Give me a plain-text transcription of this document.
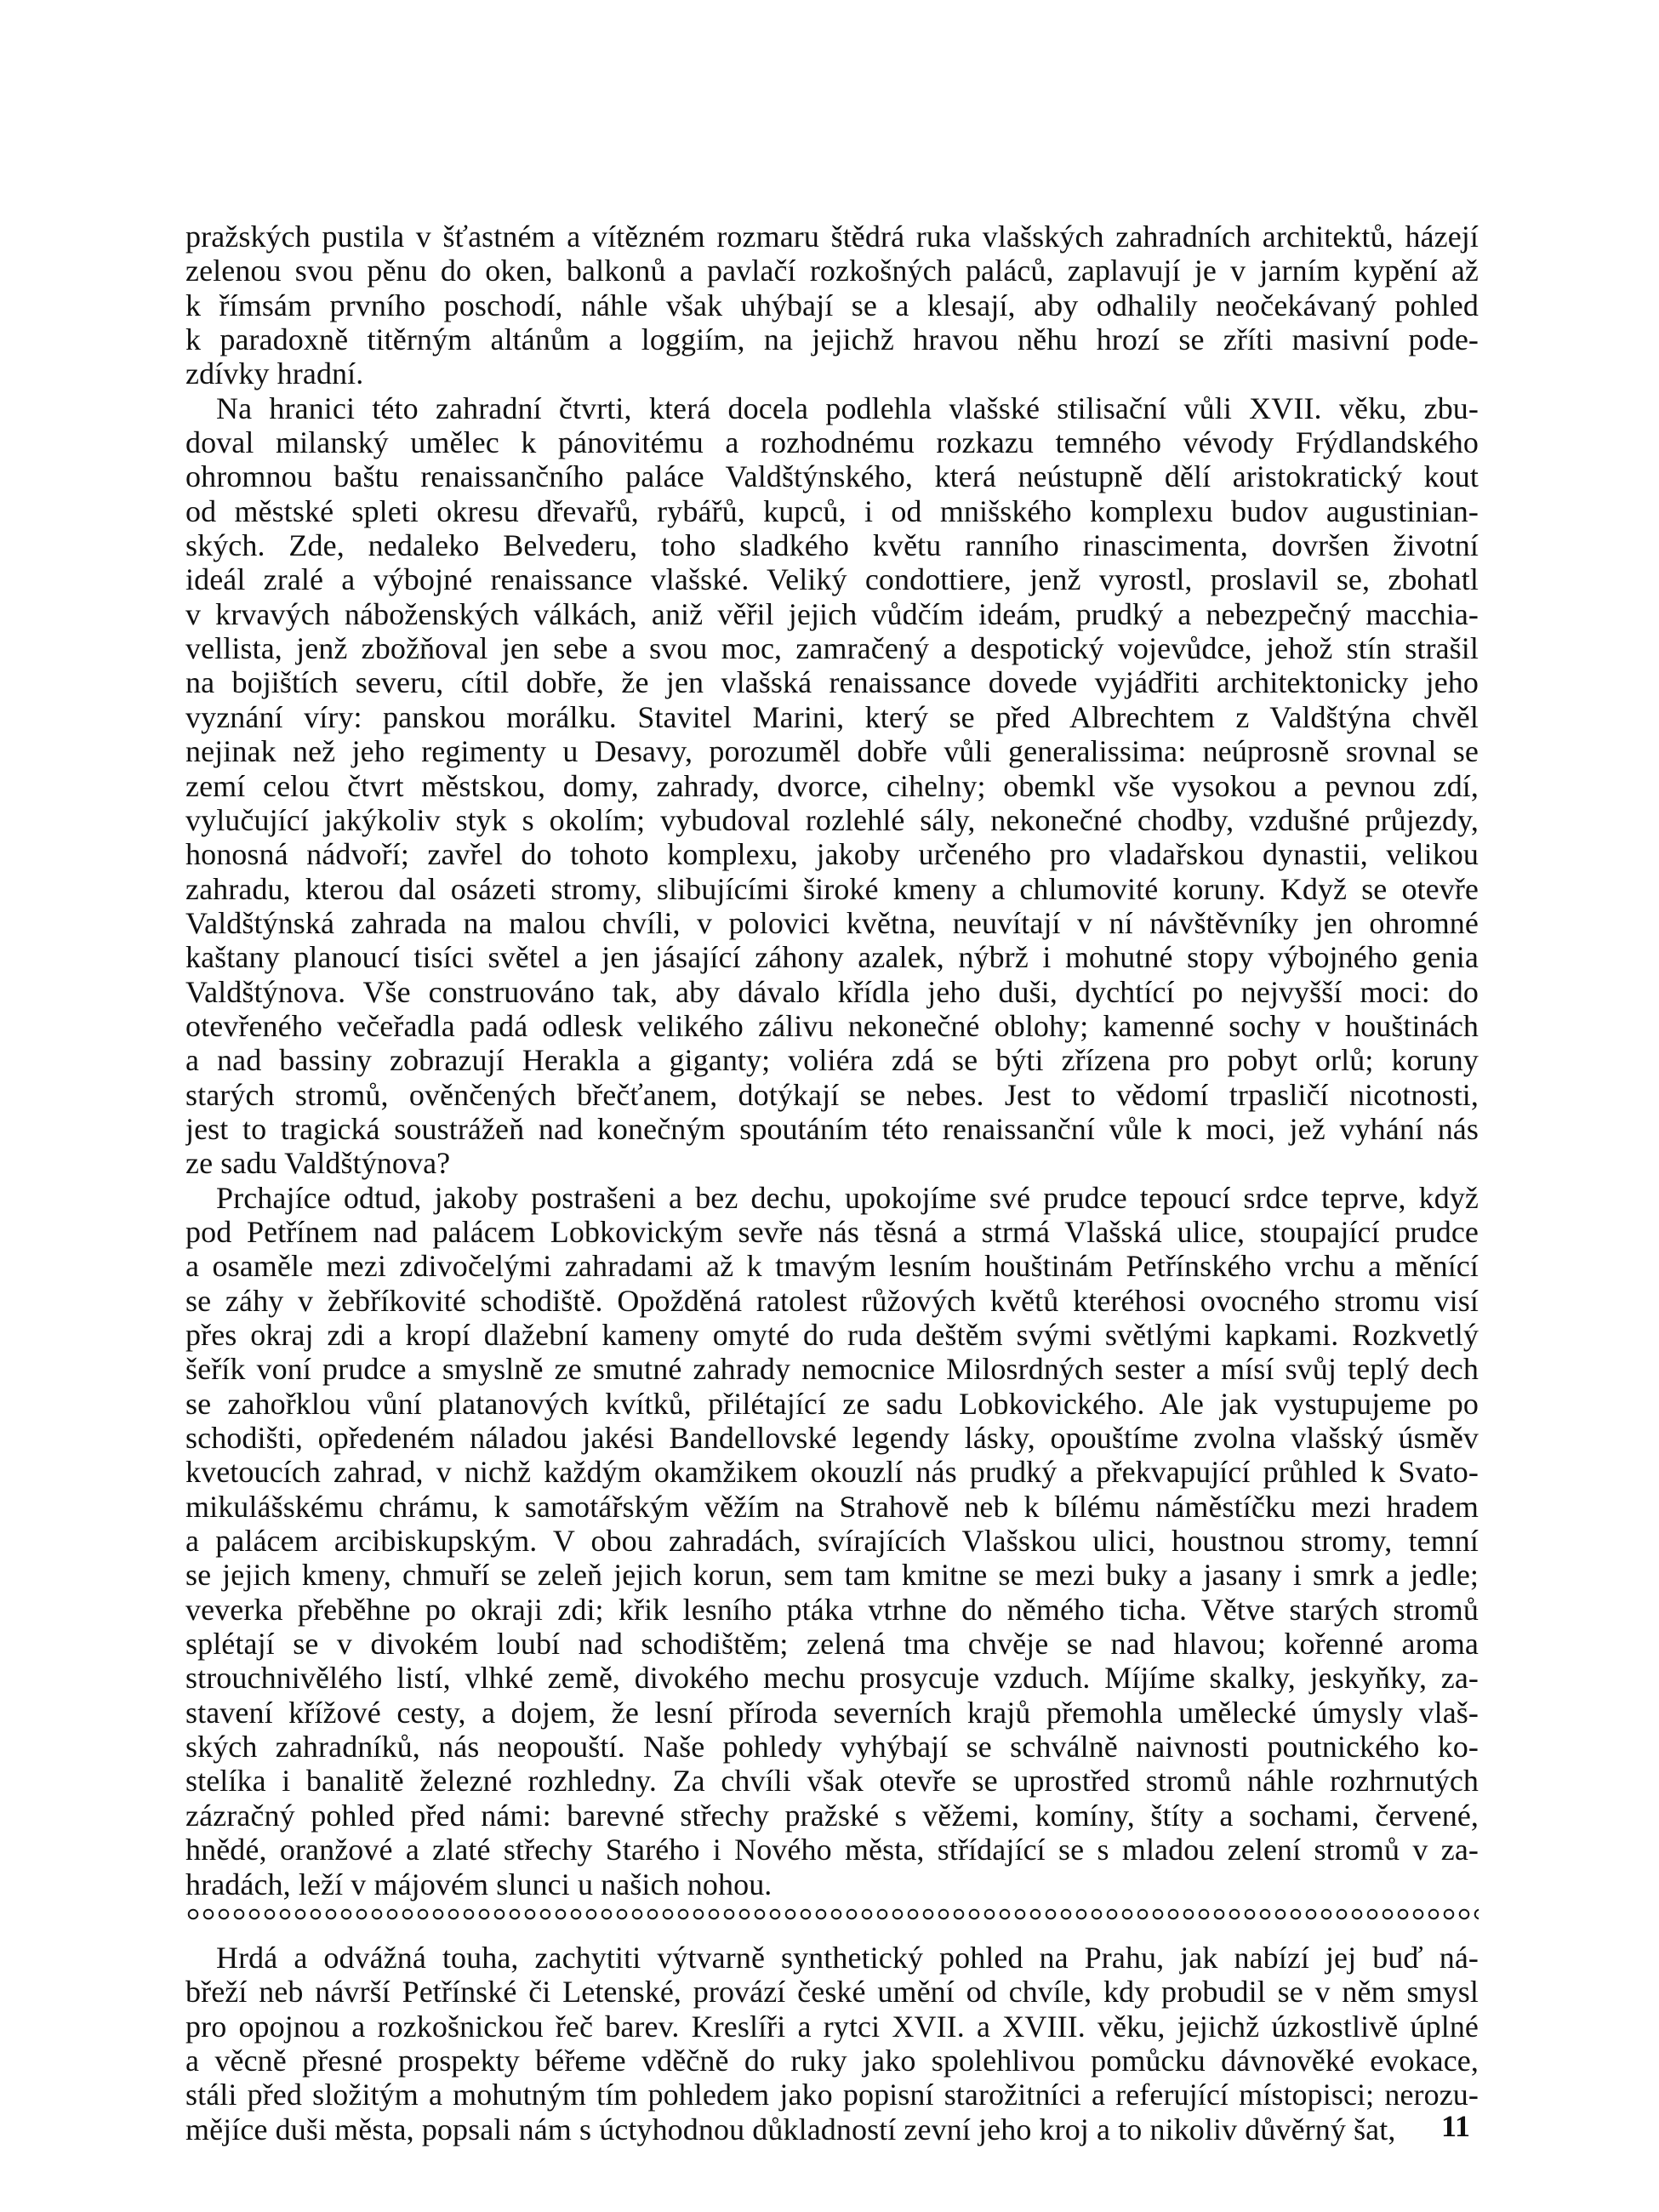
pražských pustila v šťastném a vítězném rozmaru štědrá ruka vlašských zahradních architektů, házejí
zelenou svou pěnu do oken, balkonů a pavlačí rozkošných paláců, zaplavují je v jarním kypění až
k římsám prvního poschodí, náhle však uhýbají se a klesají, aby odhalily neočekávaný pohled
k paradoxně titěrným altánům a loggiím, na jejichž hravou něhu hrozí se zříti masivní pode-
zdívky hradní.
Na hranici této zahradní čtvrti, která docela podlehla vlašské stilisační vůli XVII. věku, zbu-
doval milanský umělec k pánovitému a rozhodnému rozkazu temného vévody Frýdlandského
ohromnou baštu renaissančního paláce Valdštýnského, která neústupně dělí aristokratický kout
od městské spleti okresu dřevařů, rybářů, kupců, i od mnišského komplexu budov augustinian-
ských. Zde, nedaleko Belvederu, toho sladkého květu ranního rinascimenta, dovršen životní
ideál zralé a výbojné renaissance vlašské. Veliký condottiere, jenž vyrostl, proslavil se, zbohatl
v krvavých náboženských válkách, aniž věřil jejich vůdčím ideám, prudký a nebezpečný macchia-
vellista, jenž zbožňoval jen sebe a svou moc, zamračený a despotický vojevůdce, jehož stín strašil
na bojištích severu, cítil dobře, že jen vlašská renaissance dovede vyjádřiti architektonicky jeho
vyznání víry: panskou morálku. Stavitel Marini, který se před Albrechtem z Valdštýna chvěl
nejinak než jeho regimenty u Desavy, porozuměl dobře vůli generalissima: neúprosně srovnal se
zemí celou čtvrt městskou, domy, zahrady, dvorce, cihelny; obemkl vše vysokou a pevnou zdí,
vylučující jakýkoliv styk s okolím; vybudoval rozlehlé sály, nekonečné chodby, vzdušné průjezdy,
honosná nádvoří; zavřel do tohoto komplexu, jakoby určeného pro vladařskou dynastii, velikou
zahradu, kterou dal osázeti stromy, slibujícími široké kmeny a chlumovité koruny. Když se otevře
Valdštýnská zahrada na malou chvíli, v polovici května, neuvítají v ní návštěvníky jen ohromné
kaštany planoucí tisíci světel a jen jásající záhony azalek, nýbrž i mohutné stopy výbojného genia
Valdštýnova. Vše construováno tak, aby dávalo křídla jeho duši, dychtící po nejvyšší moci: do
otevřeného večeřadla padá odlesk velikého zálivu nekonečné oblohy; kamenné sochy v houštinách
a nad bassiny zobrazují Herakla a giganty; voliéra zdá se býti zřízena pro pobyt orlů; koruny
starých stromů, ověnčených břečťanem, dotýkají se nebes. Jest to vědomí trpasličí nicotnosti,
jest to tragická soustrážeň nad konečným spoutáním této renaissanční vůle k moci, jež vyhání nás
ze sadu Valdštýnova?
Prchajíce odtud, jakoby postrašeni a bez dechu, upokojíme své prudce tepoucí srdce teprve, když
pod Petřínem nad palácem Lobkovickým sevře nás těsná a strmá Vlašská ulice, stoupající prudce
a osaměle mezi zdivočelými zahradami až k tmavým lesním houštinám Petřínského vrchu a měnící
se záhy v žebříkovité schodiště. Opožděná ratolest růžových květů kteréhosi ovocného stromu visí
přes okraj zdi a kropí dlažební kameny omyté do ruda deštěm svými světlými kapkami. Rozkvetlý
šeřík voní prudce a smyslně ze smutné zahrady nemocnice Milosrdných sester a mísí svůj teplý dech
se zahořklou vůní platanových kvítků, přilétající ze sadu Lobkovického. Ale jak vystupujeme po
schodišti, opředeném náladou jakési Bandellovské legendy lásky, opouštíme zvolna vlašský úsměv
kvetoucích zahrad, v nichž každým okamžikem okouzlí nás prudký a překvapující průhled k Svato-
mikulášskému chrámu, k samotářským věžím na Strahově neb k bílému náměstíčku mezi hradem
a palácem arcibiskupským. V obou zahradách, svírajících Vlašskou ulici, houstnou stromy, temní
se jejich kmeny, chmuří se zeleň jejich korun, sem tam kmitne se mezi buky a jasany i smrk a jedle;
veverka přeběhne po okraji zdi; křik lesního ptáka vtrhne do němého ticha. Větve starých stromů
splétají se v divokém loubí nad schodištěm; zelená tma chvěje se nad hlavou; kořenné aroma
strouchnivělého listí, vlhké země, divokého mechu prosycuje vzduch. Míjíme skalky, jeskyňky, za-
stavení křížové cesty, a dojem, že lesní příroda severních krajů přemohla umělecké úmysly vlaš-
ských zahradníků, nás neopouští. Naše pohledy vyhýbají se schválně naivnosti poutnického ko-
stelíka i banalitě železné rozhledny. Za chvíli však otevře se uprostřed stromů náhle rozhrnutých
zázračný pohled před námi: barevné střechy pražské s věžemi, komíny, štíty a sochami, červené,
hnědé, oranžové a zlaté střechy Starého i Nového města, střídající se s mladou zelení stromů v za-
hradách, leží v májovém slunci u našich nohou.
Hrdá a odvážná touha, zachytiti výtvarně synthetický pohled na Prahu, jak nabízí jej buď ná-
břeží neb návrší Petřínské či Letenské, provází české umění od chvíle, kdy probudil se v něm smysl
pro opojnou a rozkošnickou řeč barev. Kreslíři a rytci XVII. a XVIII. věku, jejichž úzkostlivě úplné
a věcně přesné prospekty béřeme vděčně do ruky jako spolehlivou pomůcku dávnověké evokace,
stáli před složitým a mohutným tím pohledem jako popisní starožitníci a referující místopisci; nerozu-
mějíce duši města, popsali nám s úctyhodnou důkladností zevní jeho kroj a to nikoliv důvěrný šat,	11
